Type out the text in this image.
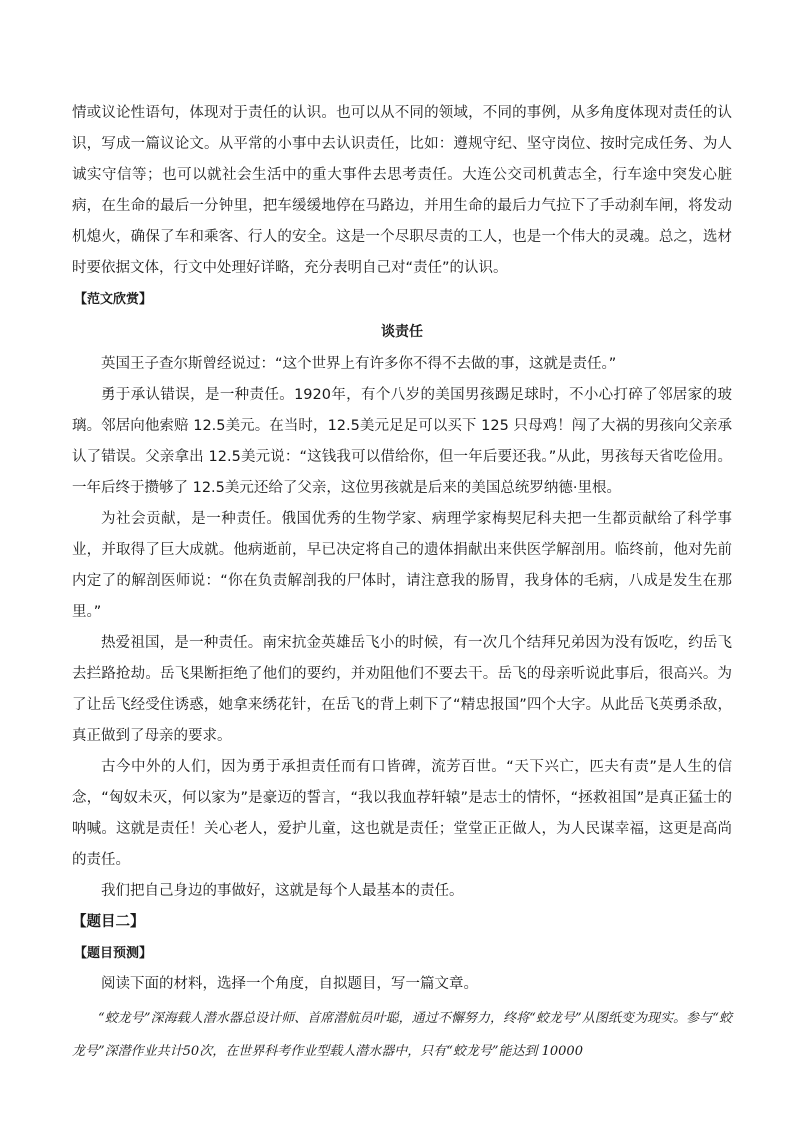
情或议论性语句，体现对于责任的认识。也可以从不同的领域，不同的事例，从多角度体现对责任的认识，写成一篇议论文。从平常的小事中去认识责任，比如：遵规守纪、坚守岗位、按时完成任务、为人诚实守信等；也可以就社会生活中的重大事件去思考责任。大连公交司机黄志全，行车途中突发心脏病，在生命的最后一分钟里，把车缓缓地停在马路边，并用生命的最后力气拉下了手动刹车闸，将发动机熄火，确保了车和乘客、行人的安全。这是一个尽职尽责的工人，也是一个伟大的灵魂。总之，选材时要依据文体，行文中处理好详略，充分表明自己对“责任”的认识。

【范文欣赏】

谈责任

英国王子查尔斯曾经说过：“这个世界上有许多你不得不去做的事，这就是责任。”

勇于承认错误，是一种责任。1920年，有个八岁的美国男孩踢足球时，不小心打碎了邻居家的玻璃。邻居向他索赔 12.5美元。在当时，12.5美元足足可以买下 125 只母鸡！闯了大祸的男孩向父亲承认了错误。父亲拿出 12.5美元说：“这钱我可以借给你，但一年后要还我。”从此，男孩每天省吃俭用。一年后终于攒够了 12.5美元还给了父亲，这位男孩就是后来的美国总统罗纳德·里根。

为社会贡献，是一种责任。俄国优秀的生物学家、病理学家梅契尼科夫把一生都贡献给了科学事业，并取得了巨大成就。他病逝前，早已决定将自己的遗体捐献出来供医学解剖用。临终前，他对先前内定了的解剖医师说：“你在负责解剖我的尸体时，请注意我的肠胃，我身体的毛病，八成是发生在那里。”

热爱祖国，是一种责任。南宋抗金英雄岳飞小的时候，有一次几个结拜兄弟因为没有饭吃，约岳飞去拦路抢劫。岳飞果断拒绝了他们的要约，并劝阻他们不要去干。岳飞的母亲听说此事后，很高兴。为了让岳飞经受住诱惑，她拿来绣花针，在岳飞的背上刺下了“精忠报国”四个大字。从此岳飞英勇杀敌，真正做到了母亲的要求。

古今中外的人们，因为勇于承担责任而有口皆碑，流芳百世。“天下兴亡，匹夫有责”是人生的信念，“匈奴未灭，何以家为”是豪迈的誓言，“我以我血荐轩辕”是志士的情怀，“拯救祖国”是真正猛士的呐喊。这就是责任！关心老人，爱护儿童，这也就是责任；堂堂正正做人，为人民谋幸福，这更是高尚的责任。

我们把自己身边的事做好，这就是每个人最基本的责任。

【题目二】

【题目预测】

阅读下面的材料，选择一个角度，自拟题目，写一篇文章。

“蛟龙号”深海载人潜水器总设计师、首席潜航员叶聪，通过不懈努力，终将“蛟龙号”从图纸变为现实。参与“蛟龙号”深潜作业共计50次，在世界科考作业型载人潜水器中，只有“蛟龙号”能达到 10000
